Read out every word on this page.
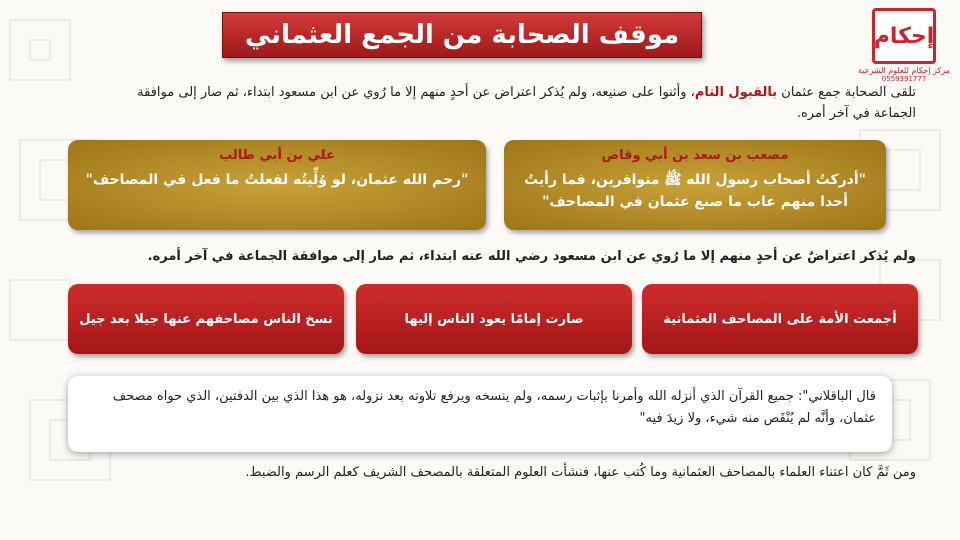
موقف الصحابة من الجمع العثماني	إحكام
مركز إحكام للعلوم الشرعية
0559391777
تلقى الصحابة جمع عثمان بالقبول التام، وأثنوا على صنيعه، ولم يُذكر اعتراض عن أحدٍ منهم إلا ما رُوي عن ابن مسعود ابتداء، ثم صار إلى موافقة الجماعة في آخر أمره.
مصعب بن سعد بن أبي وقاص
"أدركتُ أصحاب رسول الله ﷺ متوافرين، فما رأيتُ أحدا منهم عاب ما صنع عثمان في المصاحف"
علي بن أبي طالب
"رحم الله عثمان، لو وُلِّيتُه لفعلتُ ما فعل في المصاحف"
ولم يُذكر اعتراضٌ عن أحدٍ منهم إلا ما رُوي عن ابن مسعود رضي الله عنه ابتداء، ثم صار إلى موافقة الجماعة في آخر أمره.
أجمعت الأمة على المصاحف العثمانية
صارت إمامًا يعود الناس إليها
نسخ الناس مصاحفهم عنها جيلا بعد جيل
قال الباقلاني": جميع القرآن الذي أنزله الله وأمرنا بإثبات رسمه، ولم ينسخه ويرفع تلاوته بعد نزوله، هو هذا الذي بين الدفتين، الذي حواه مصحف عثمان، وأنَّه لم يُنْقَص منه شيء، ولا زيدَ فيه"
ومن ثَمَّ كان اعتناء العلماء بالمصاحف العثمانية وما كُتب عنها، فنشأت العلوم المتعلقة بالمصحف الشريف كعلم الرسم والضبط.
